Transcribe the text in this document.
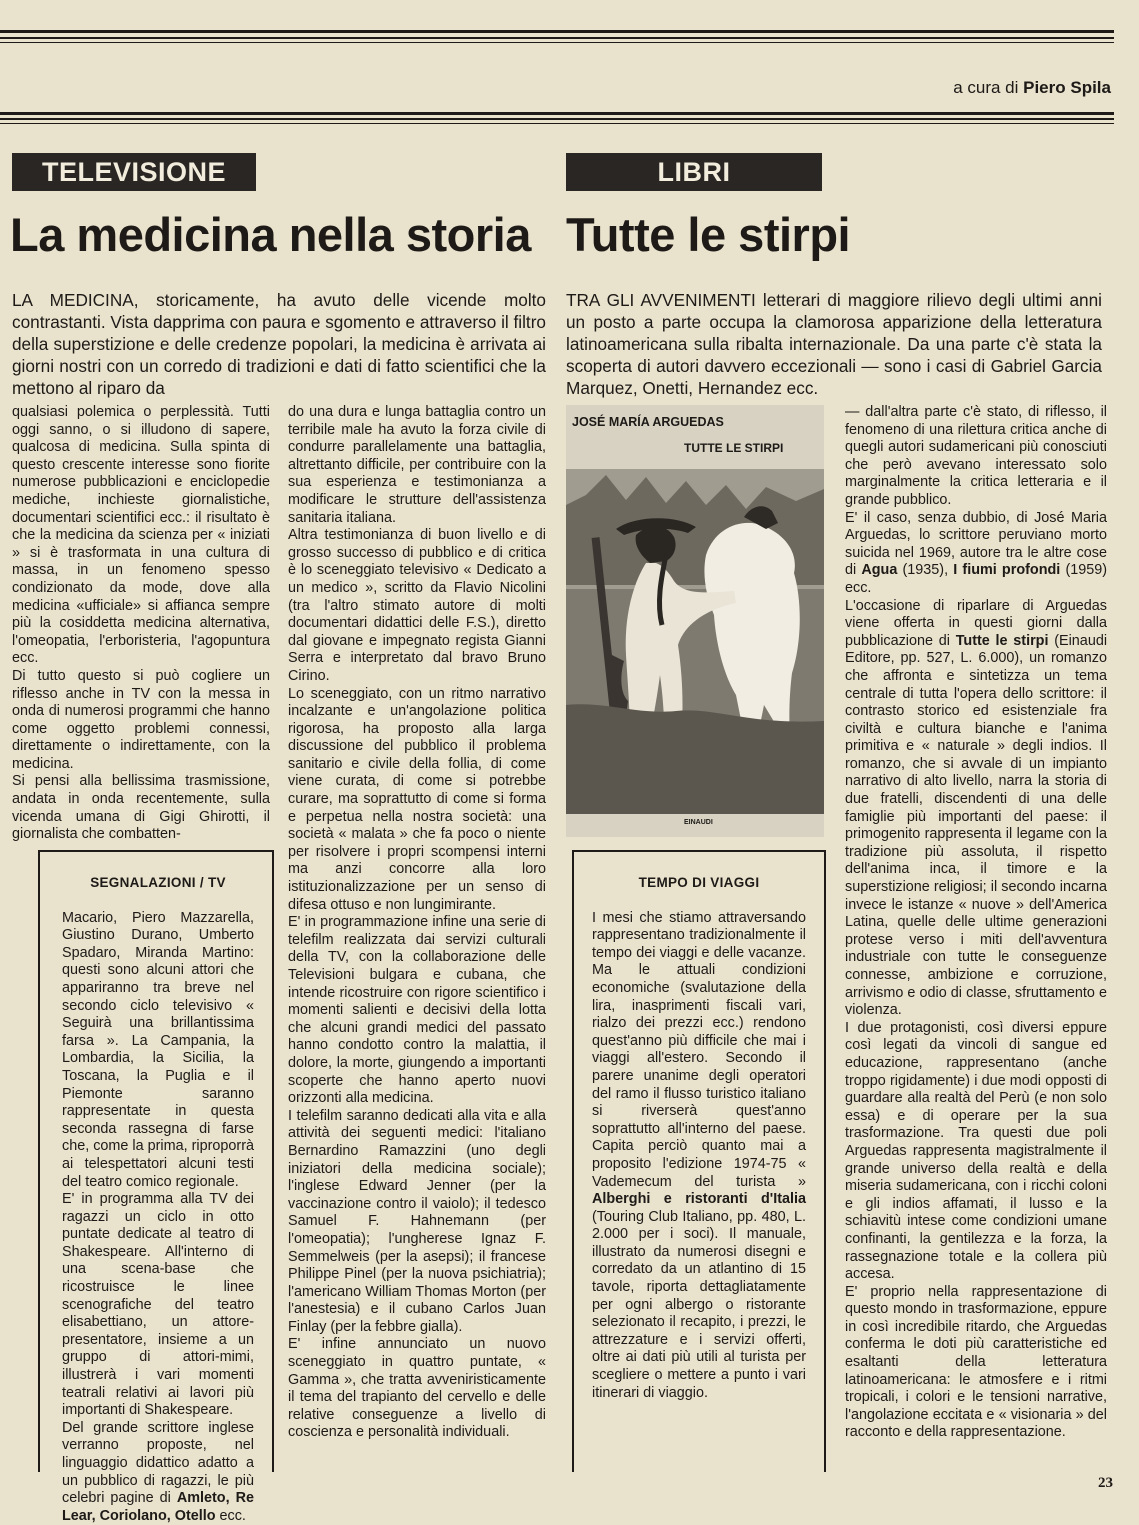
a cura di Piero Spila
TELEVISIONE
La medicina nella storia
LA MEDICINA, storicamente, ha avuto delle vicende molto contrastanti. Vista dapprima con paura e sgomento e attraverso il filtro della superstizione e delle credenze popolari, la medicina è arrivata ai giorni nostri con un corredo di tradizioni e dati di fatto scientifici che la mettono al riparo da

qualsiasi polemica o perplessità. Tutti oggi sanno, o si illudono di sapere, qualcosa di medicina. Sulla spinta di questo crescente interesse sono fiorite numerose pubblicazioni e enciclopedie mediche, inchieste giornalistiche, documentari scientifici ecc.: il risultato è che la medicina da scienza per « iniziati » si è trasformata in una cultura di massa, in un fenomeno spesso condizionato da mode, dove alla medicina «ufficiale» si affianca sempre più la cosiddetta medicina alternativa, l'omeopatia, l'erboristeria, l'agopuntura ecc.

Di tutto questo si può cogliere un riflesso anche in TV con la messa in onda di numerosi programmi che hanno come oggetto problemi connessi, direttamente o indirettamente, con la medicina.

Si pensi alla bellissima trasmissione, andata in onda recentemente, sulla vicenda umana di Gigi Ghirotti, il giornalista che combatten-

do una dura e lunga battaglia contro un terribile male ha avuto la forza civile di condurre parallelamente una battaglia, altrettanto difficile, per contribuire con la sua esperienza e testimonianza a modificare le strutture dell'assistenza sanitaria italiana.

Altra testimonianza di buon livello e di grosso successo di pubblico e di critica è lo sceneggiato televisivo « Dedicato a un medico », scritto da Flavio Nicolini (tra l'altro stimato autore di molti documentari didattici delle F.S.), diretto dal giovane e impegnato regista Gianni Serra e interpretato dal bravo Bruno Cirino.

Lo sceneggiato, con un ritmo narrativo incalzante e un'angolazione politica rigorosa, ha proposto alla larga discussione del pubblico il problema sanitario e civile della follia, di come viene curata, di come si potrebbe curare, ma soprattutto di come si forma e perpetua nella nostra società: una società « malata » che fa poco o niente per risolvere i propri scompensi interni ma anzi concorre alla loro istituzionalizzazione per un senso di difesa ottuso e non lungimirante.

E' in programmazione infine una serie di telefilm realizzata dai servizi culturali della TV, con la collaborazione delle Televisioni bulgara e cubana, che intende ricostruire con rigore scientifico i momenti salienti e decisivi della lotta che alcuni grandi medici del passato hanno condotto contro la malattia, il dolore, la morte, giungendo a importanti scoperte che hanno aperto nuovi orizzonti alla medicina.

I telefilm saranno dedicati alla vita e alla attività dei seguenti medici: l'italiano Bernardino Ramazzini (uno degli iniziatori della medicina sociale); l'inglese Edward Jenner (per la vaccinazione contro il vaiolo); il tedesco Samuel F. Hahnemann (per l'omeopatia); l'ungherese Ignaz F. Semmelweis (per la asepsi); il francese Philippe Pinel (per la nuova psichiatria); l'americano William Thomas Morton (per l'anestesia) e il cubano Carlos Juan Finlay (per la febbre gialla).

E' infine annunciato un nuovo sceneggiato in quattro puntate, « Gamma », che tratta avveniristicamente il tema del trapianto del cervello e delle relative conseguenze a livello di coscienza e personalità individuali.

SEGNALAZIONI / TV

Macario, Piero Mazzarella, Giustino Durano, Umberto Spadaro, Miranda Martino: questi sono alcuni attori che appariranno tra breve nel secondo ciclo televisivo « Seguirà una brillantissima farsa ». La Campania, la Lombardia, la Sicilia, la Toscana, la Puglia e il Piemonte saranno rappresentate in questa seconda rassegna di farse che, come la prima, riproporrà ai telespettatori alcuni testi del teatro comico regionale.

E' in programma alla TV dei ragazzi un ciclo in otto puntate dedicate al teatro di Shakespeare. All'interno di una scena-base che ricostruisce le linee scenografiche del teatro elisabettiano, un attore-presentatore, insieme a un gruppo di attori-mimi, illustrerà i vari momenti teatrali relativi ai lavori più importanti di Shakespeare.

Del grande scrittore inglese verranno proposte, nel linguaggio didattico adatto a un pubblico di ragazzi, le più celebri pagine di Amleto, Re Lear, Coriolano, Otello ecc.

LIBRI
Tutte le stirpi
TRA GLI AVVENIMENTI letterari di maggiore rilievo degli ultimi anni un posto a parte occupa la clamorosa apparizione della letteratura latinoamericana sulla ribalta internazionale. Da una parte c'è stata la scoperta di autori davvero eccezionali — sono i casi di Gabriel Garcia Marquez, Onetti, Hernandez ecc.
JOSÉ MARÍA ARGUEDAS
TUTTE LE STIRPI
EINAUDI

— dall'altra parte c'è stato, di riflesso, il fenomeno di una rilettura critica anche di quegli autori sudamericani più conosciuti che però avevano interessato solo marginalmente la critica letteraria e il grande pubblico.

E' il caso, senza dubbio, di José Maria Arguedas, lo scrittore peruviano morto suicida nel 1969, autore tra le altre cose di Agua (1935), I fiumi profondi (1959) ecc.

L'occasione di riparlare di Arguedas viene offerta in questi giorni dalla pubblicazione di Tutte le stirpi (Einaudi Editore, pp. 527, L. 6.000), un romanzo che affronta e sintetizza un tema centrale di tutta l'opera dello scrittore: il contrasto storico ed esistenziale fra civiltà e cultura bianche e l'anima primitiva e « naturale » degli indios. Il romanzo, che si avvale di un impianto narrativo di alto livello, narra la storia di due fratelli, discendenti di una delle famiglie più importanti del paese: il primogenito rappresenta il legame con la tradizione più assoluta, il rispetto dell'anima inca, il timore e la superstizione religiosi; il secondo incarna invece le istanze « nuove » dell'America Latina, quelle delle ultime generazioni protese verso i miti dell'avventura industriale con tutte le conseguenze connesse, ambizione e corruzione, arrivismo e odio di classe, sfruttamento e violenza.

I due protagonisti, così diversi eppure così legati da vincoli di sangue ed educazione, rappresentano (anche troppo rigidamente) i due modi opposti di guardare alla realtà del Perù (e non solo essa) e di operare per la sua trasformazione. Tra questi due poli Arguedas rappresenta magistralmente il grande universo della realtà e della miseria sudamericana, con i ricchi coloni e gli indios affamati, il lusso e la schiavitù intese come condizioni umane confinanti, la gentilezza e la forza, la rassegnazione totale e la collera più accesa.

E' proprio nella rappresentazione di questo mondo in trasformazione, eppure in così incredibile ritardo, che Arguedas conferma le doti più caratteristiche ed esaltanti della letteratura latinoamericana: le atmosfere e i ritmi tropicali, i colori e le tensioni narrative, l'angolazione eccitata e « visionaria » del racconto e della rappresentazione.

TEMPO DI VIAGGI

I mesi che stiamo attraversando rappresentano tradizionalmente il tempo dei viaggi e delle vacanze. Ma le attuali condizioni economiche (svalutazione della lira, inasprimenti fiscali vari, rialzo dei prezzi ecc.) rendono quest'anno più difficile che mai i viaggi all'estero. Secondo il parere unanime degli operatori del ramo il flusso turistico italiano si riverserà quest'anno soprattutto all'interno del paese. Capita perciò quanto mai a proposito l'edizione 1974-75 « Vademecum del turista » Alberghi e ristoranti d'Italia (Touring Club Italiano, pp. 480, L. 2.000 per i soci). Il manuale, illustrato da numerosi disegni e corredato da un atlantino di 15 tavole, riporta dettagliatamente per ogni albergo o ristorante selezionato il recapito, i prezzi, le attrezzature e i servizi offerti, oltre ai dati più utili al turista per scegliere o mettere a punto i vari itinerari di viaggio.

23
